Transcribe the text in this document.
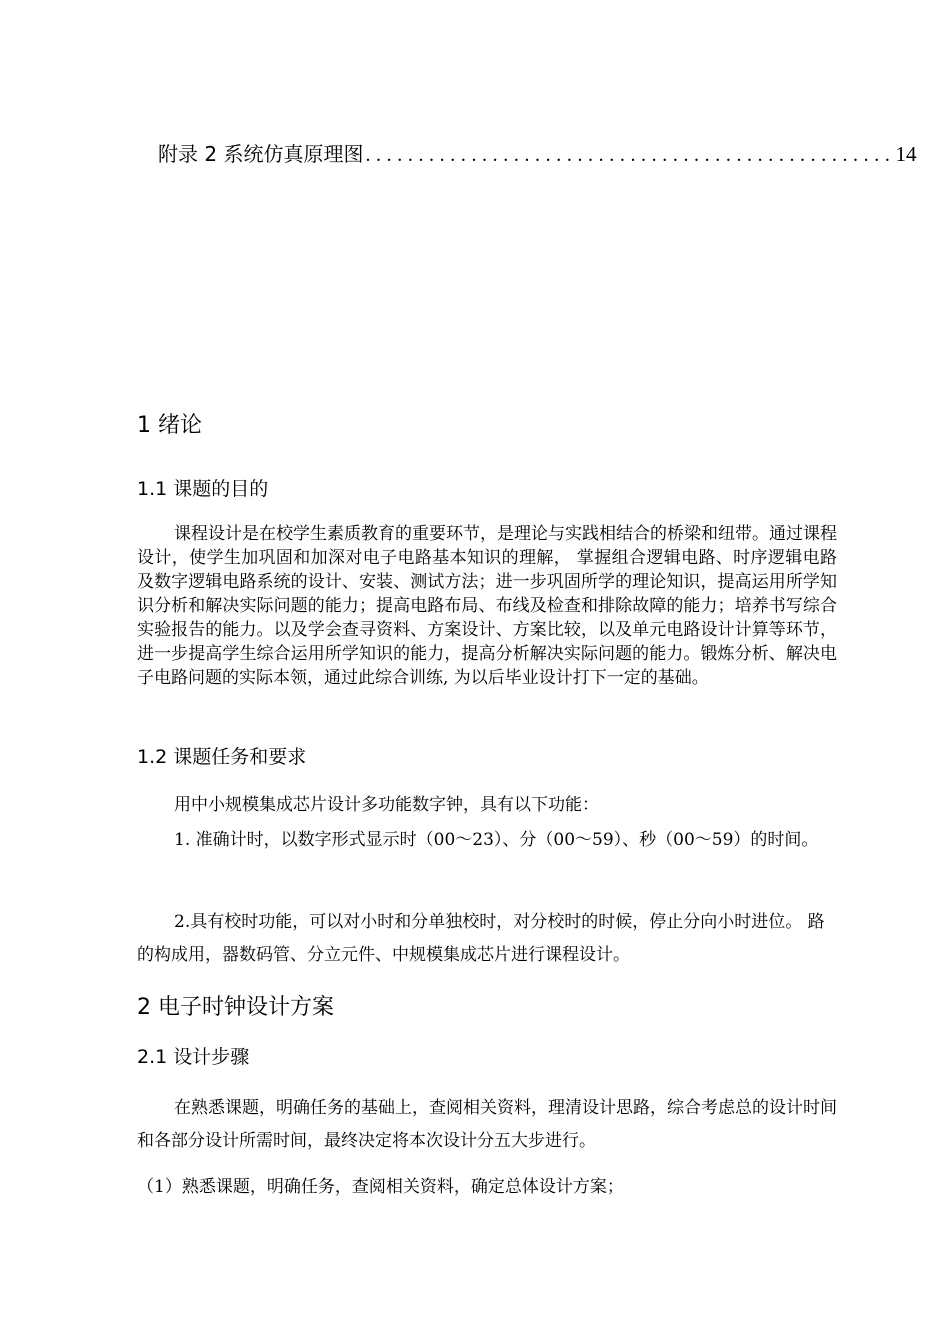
附录 2 系统仿真原理图 .................................................. 14
1 绪论
1.1 课题的目的
课程设计是在校学生素质教育的重要环节，是理论与实践相结合的桥梁和纽带。通过课程设计，使学生加巩固和加深对电子电路基本知识的理解， 掌握组合逻辑电路、时序逻辑电路及数字逻辑电路系统的设计、安装、测试方法；进一步巩固所学的理论知识，提高运用所学知识分析和解决实际问题的能力；提高电路布局、布线及检查和排除故障的能力；培养书写综合实验报告的能力。以及学会查寻资料、方案设计、方案比较，以及单元电路设计计算等环节，进一步提高学生综合运用所学知识的能力，提高分析解决实际问题的能力。锻炼分析、解决电子电路问题的实际本领，通过此综合训练, 为以后毕业设计打下一定的基础。
1.2 课题任务和要求
用中小规模集成芯片设计多功能数字钟，具有以下功能：
1. 准确计时，以数字形式显示时（00～23）、分（00～59）、秒（00～59）的时间。
2.具有校时功能，可以对小时和分单独校时，对分校时的时候，停止分向小时进位。 路的构成用，器数码管、分立元件、中规模集成芯片进行课程设计。
2 电子时钟设计方案
2.1 设计步骤
在熟悉课题，明确任务的基础上，查阅相关资料，理清设计思路，综合考虑总的设计时间和各部分设计所需时间，最终决定将本次设计分五大步进行。
（1）熟悉课题，明确任务，查阅相关资料，确定总体设计方案；
